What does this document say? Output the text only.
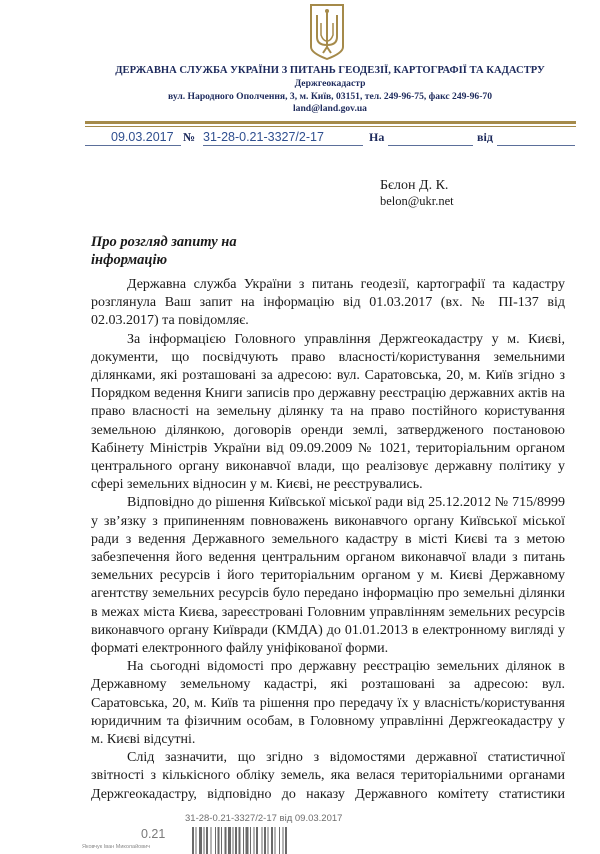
ДЕРЖАВНА СЛУЖБА УКРАЇНИ З ПИТАНЬ ГЕОДЕЗІЇ, КАРТОГРАФІЇ ТА КАДАСТРУ
Держгеокадастр
вул. Народного Ополчення, 3, м. Київ, 03151, тел. 249-96-75, факс 249-96-70
land@land.gov.ua
09.03.2017 № 31-28-0.21-3327/2-17	На	від
Бєлон Д. К.
belon@ukr.net
Про розгляд запиту на
інформацію

Державна служба України з питань геодезії, картографії та кадастру розглянула Ваш запит на інформацію від 01.03.2017 (вх. № ПІ-137 від 02.03.2017) та повідомляє.

За інформацією Головного управління Держгеокадастру у м. Києві, документи, що посвідчують право власності/користування земельними ділянками, які розташовані за адресою: вул. Саратовська, 20, м. Київ згідно з Порядком ведення Книги записів про державну реєстрацію державних актів на право власності на земельну ділянку та на право постійного користування земельною ділянкою, договорів оренди землі, затвердженого постановою Кабінету Міністрів України від 09.09.2009 № 1021, територіальним органом центрального органу виконавчої влади, що реалізовує державну політику у сфері земельних відносин у м. Києві, не реєструвались.

Відповідно до рішення Київської міської ради від 25.12.2012 № 715/8999 у зв’язку з припиненням повноважень виконавчого органу Київської міської ради з ведення Державного земельного кадастру в місті Києві та з метою забезпечення його ведення центральним органом виконавчої влади з питань земельних ресурсів і його територіальним органом у м. Києві Державному агентству земельних ресурсів було передано інформацію про земельні ділянки в межах міста Києва, зареєстровані Головним управлінням земельних ресурсів виконавчого органу Київради (КМДА) до 01.01.2013 в електронному вигляді у форматі електронного файлу уніфікованої форми.

На сьогодні відомості про державну реєстрацію земельних ділянок в Державному земельному кадастрі, які розташовані за адресою: вул. Саратовська, 20, м. Київ та рішення про передачу їх у власність/користування юридичним та фізичним особам, в Головному управлінні Держгеокадастру у м. Києві відсутні.

Слід зазначити, що згідно з відомостями державної статистичної звітності з кількісного обліку земель, яка велася територіальними органами Держгеокадастру, відповідно до наказу Державного комітету статистики

31-28-0.21-3327/2-17 від 09.03.2017
0.21
Яковчук Іван Миколайович
